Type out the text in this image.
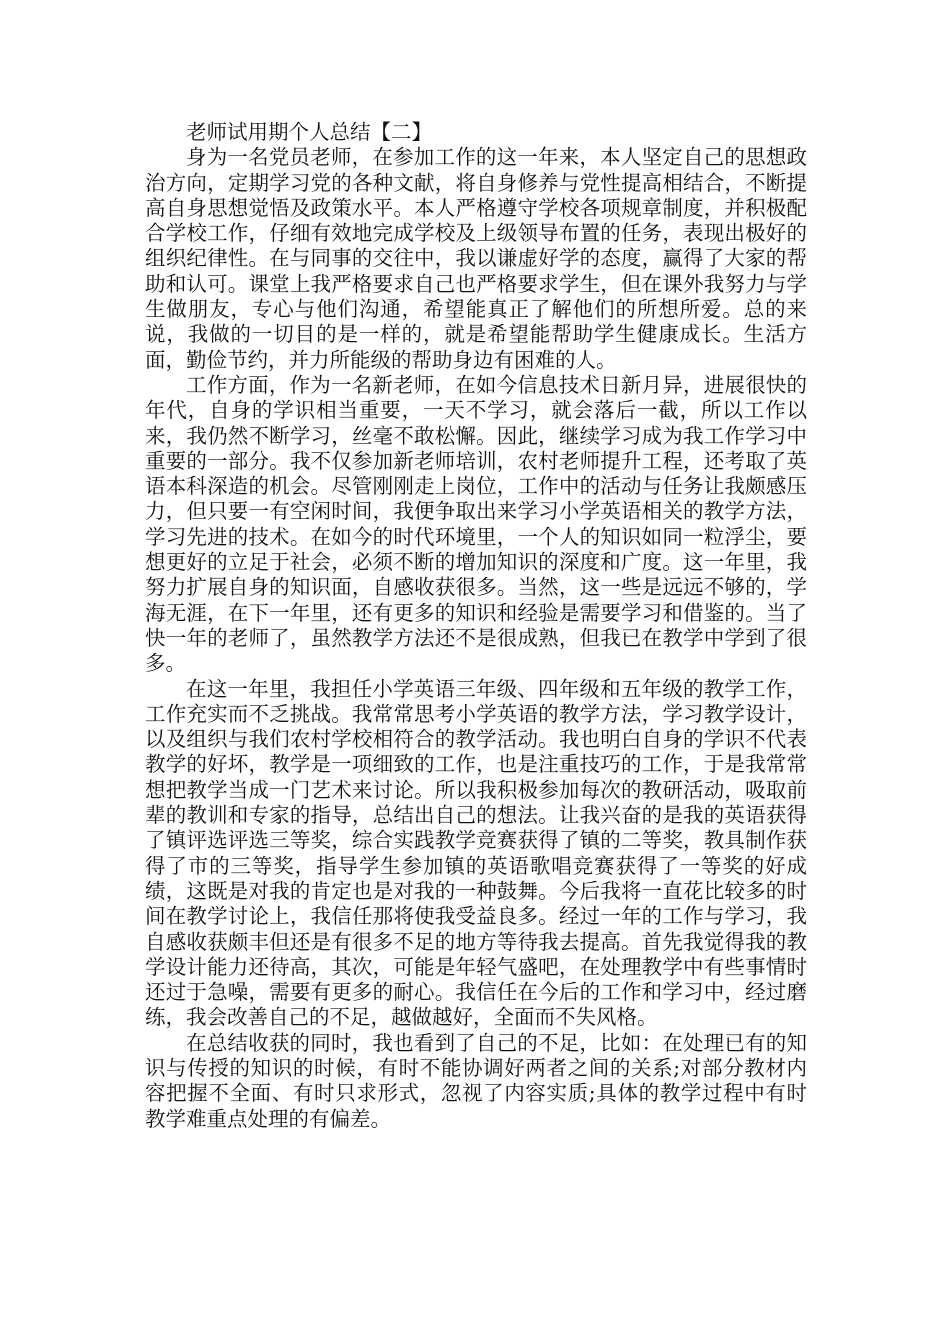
老师试用期个人总结【二】

身为一名党员老师，在参加工作的这一年来，本人坚定自己的思想政治方向，定期学习党的各种文献，将自身修养与党性提高相结合，不断提高自身思想觉悟及政策水平。本人严格遵守学校各项规章制度，并积极配合学校工作，仔细有效地完成学校及上级领导布置的任务，表现出极好的组织纪律性。在与同事的交往中，我以谦虚好学的态度，赢得了大家的帮助和认可。课堂上我严格要求自己也严格要求学生，但在课外我努力与学生做朋友，专心与他们沟通，希望能真正了解他们的所想所爱。总的来说，我做的一切目的是一样的，就是希望能帮助学生健康成长。生活方面，勤俭节约，并力所能级的帮助身边有困难的人。

工作方面，作为一名新老师，在如今信息技术日新月异，进展很快的年代，自身的学识相当重要，一天不学习，就会落后一截，所以工作以来，我仍然不断学习，丝毫不敢松懈。因此，继续学习成为我工作学习中重要的一部分。我不仅参加新老师培训，农村老师提升工程，还考取了英语本科深造的机会。尽管刚刚走上岗位，工作中的活动与任务让我颇感压力，但只要一有空闲时间，我便争取出来学习小学英语相关的教学方法，学习先进的技术。在如今的时代环境里，一个人的知识如同一粒浮尘，要想更好的立足于社会，必须不断的增加知识的深度和广度。这一年里，我努力扩展自身的知识面，自感收获很多。当然，这一些是远远不够的，学海无涯，在下一年里，还有更多的知识和经验是需要学习和借鉴的。当了快一年的老师了，虽然教学方法还不是很成熟，但我已在教学中学到了很多。

在这一年里，我担任小学英语三年级、四年级和五年级的教学工作，工作充实而不乏挑战。我常常思考小学英语的教学方法，学习教学设计，以及组织与我们农村学校相符合的教学活动。我也明白自身的学识不代表教学的好坏，教学是一项细致的工作，也是注重技巧的工作，于是我常常想把教学当成一门艺术来讨论。所以我积极参加每次的教研活动，吸取前辈的教训和专家的指导，总结出自己的想法。让我兴奋的是我的英语获得了镇评选评选三等奖，综合实践教学竞赛获得了镇的二等奖，教具制作获得了市的三等奖，指导学生参加镇的英语歌唱竞赛获得了一等奖的好成绩，这既是对我的肯定也是对我的一种鼓舞。今后我将一直花比较多的时间在教学讨论上，我信任那将使我受益良多。经过一年的工作与学习，我自感收获颇丰但还是有很多不足的地方等待我去提高。首先我觉得我的教学设计能力还待高，其次，可能是年轻气盛吧，在处理教学中有些事情时还过于急噪，需要有更多的耐心。我信任在今后的工作和学习中，经过磨练，我会改善自己的不足，越做越好，全面而不失风格。

在总结收获的同时，我也看到了自己的不足，比如：在处理已有的知识与传授的知识的时候，有时不能协调好两者之间的关系;对部分教材内容把握不全面、有时只求形式，忽视了内容实质;具体的教学过程中有时教学难重点处理的有偏差。
